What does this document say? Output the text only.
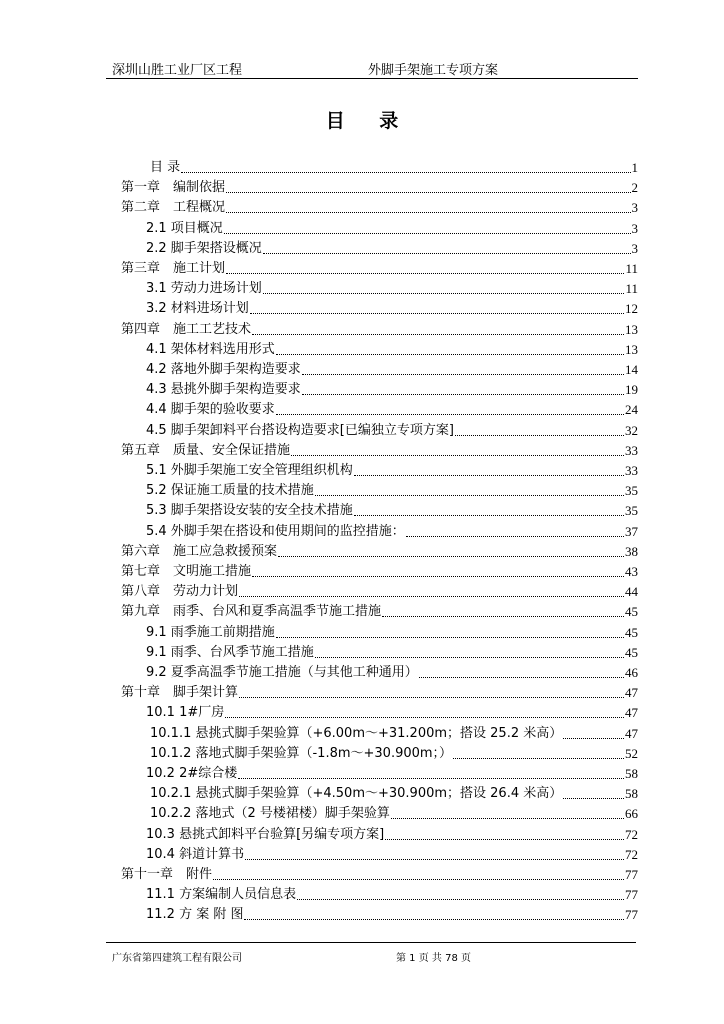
深圳山胜工业厂区工程	外脚手架施工专项方案
目 录
目 录	1
第一章　编制依据	2
第二章　工程概况	3
2.1 项目概况	3
2.2 脚手架搭设概况	3
第三章　施工计划	11
3.1 劳动力进场计划	11
3.2 材料进场计划	12
第四章　施工工艺技术	13
4.1 架体材料选用形式	13
4.2 落地外脚手架构造要求	14
4.3 悬挑外脚手架构造要求	19
4.4 脚手架的验收要求	24
4.5 脚手架卸料平台搭设构造要求[已编独立专项方案]	32
第五章　质量、安全保证措施	33
5.1 外脚手架施工安全管理组织机构	33
5.2 保证施工质量的技术措施	35
5.3 脚手架搭设安装的安全技术措施	35
5.4 外脚手架在搭设和使用期间的监控措施：	37
第六章　施工应急救援预案	38
第七章　文明施工措施	43
第八章　劳动力计划	44
第九章　雨季、台风和夏季高温季节施工措施	45
9.1 雨季施工前期措施	45
9.1 雨季、台风季节施工措施	45
9.2 夏季高温季节施工措施（与其他工种通用）	46
第十章　脚手架计算	47
10.1 1#厂房	47
10.1.1 悬挑式脚手架验算（+6.00m～+31.200m；搭设 25.2 米高）	47
10.1.2 落地式脚手架验算（-1.8m～+30.900m；）	52
10.2 2#综合楼	58
10.2.1 悬挑式脚手架验算（+4.50m～+30.900m；搭设 26.4 米高）	58
10.2.2 落地式（2 号楼裙楼）脚手架验算	66
10.3 悬挑式卸料平台验算[另编专项方案]	72
10.4 斜道计算书	72
第十一章　附件	77
11.1 方案编制人员信息表	77
11.2 方 案 附 图	77
广东省第四建筑工程有限公司	第 1 页 共 78 页
